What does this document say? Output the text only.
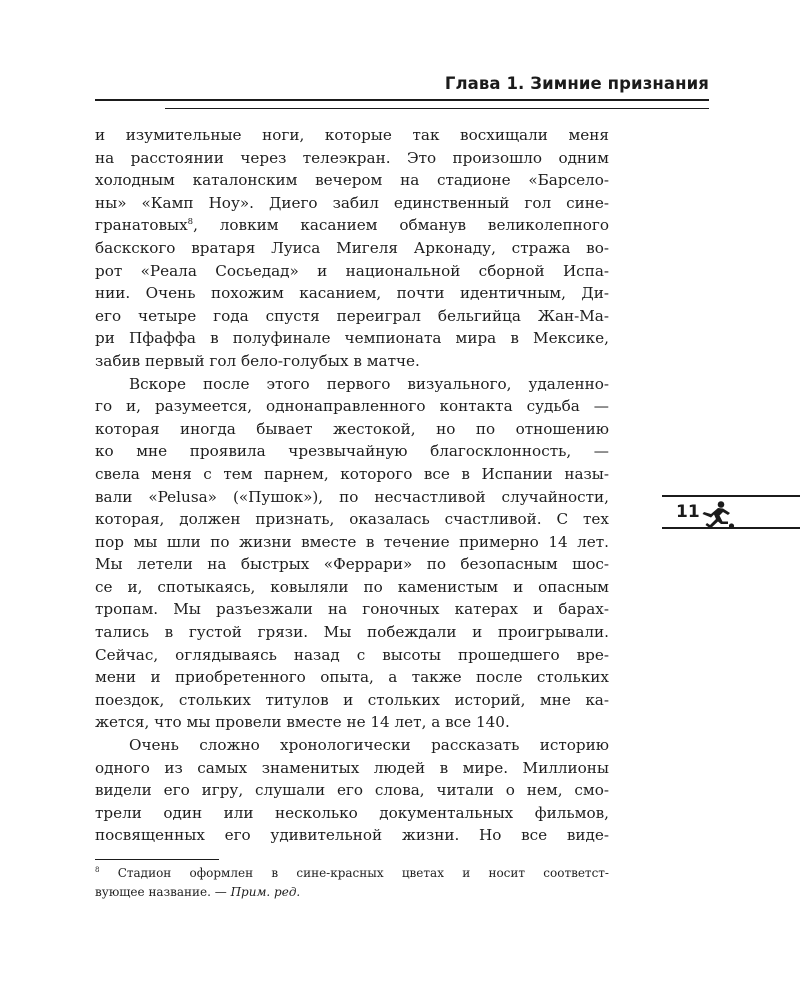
Глава 1. Зимние признания
и изумительные ноги, которые так восхищали меня
на расстоянии через телеэкран. Это произошло одним
холодным каталонским вечером на стадионе «Барсело-
ны» «Камп Ноу». Диего забил единственный гол сине-
гранатовых$^8$, ловким касанием обманув великолепного
баскского вратаря Луиса Мигеля Арконаду, стража во-
рот «Реала Сосьедад» и национальной сборной Испа-
нии. Очень похожим касанием, почти идентичным, Ди-
его четыре года спустя переиграл бельгийца Жан-Ма-
ри Пфаффа в полуфинале чемпионата мира в Мексике,
забив первый гол бело-голубых в матче.
Вскоре после этого первого визуального, удаленно-
го и, разумеется, однонаправленного контакта судьба —
которая иногда бывает жестокой, но по отношению
ко мне проявила чрезвычайную благосклонность, —
свела меня с тем парнем, которого все в Испании назы-
вали «Pelusa» («Пушок»), по несчастливой случайности,
которая, должен признать, оказалась счастливой. С тех
пор мы шли по жизни вместе в течение примерно 14 лет.
Мы летели на быстрых «Феррари» по безопасным шос-
се и, спотыкаясь, ковыляли по каменистым и опасным
тропам. Мы разъезжали на гоночных катерах и барах-
тались в густой грязи. Мы побеждали и проигрывали.
Сейчас, оглядываясь назад с высоты прошедшего вре-
мени и приобретенного опыта, а также после стольких
поездок, стольких титулов и стольких историй, мне ка-
жется, что мы провели вместе не 14 лет, а все 140.
Очень сложно хронологически рассказать историю
одного из самых знаменитых людей в мире. Миллионы
видели его игру, слушали его слова, читали о нем, смо-
трели один или несколько документальных фильмов,
посвященных его удивительной жизни. Но все виде-
$^8$ Стадион оформлен в сине-красных цветах и носит соответст-
вующее название. — Прим. ред.
11
